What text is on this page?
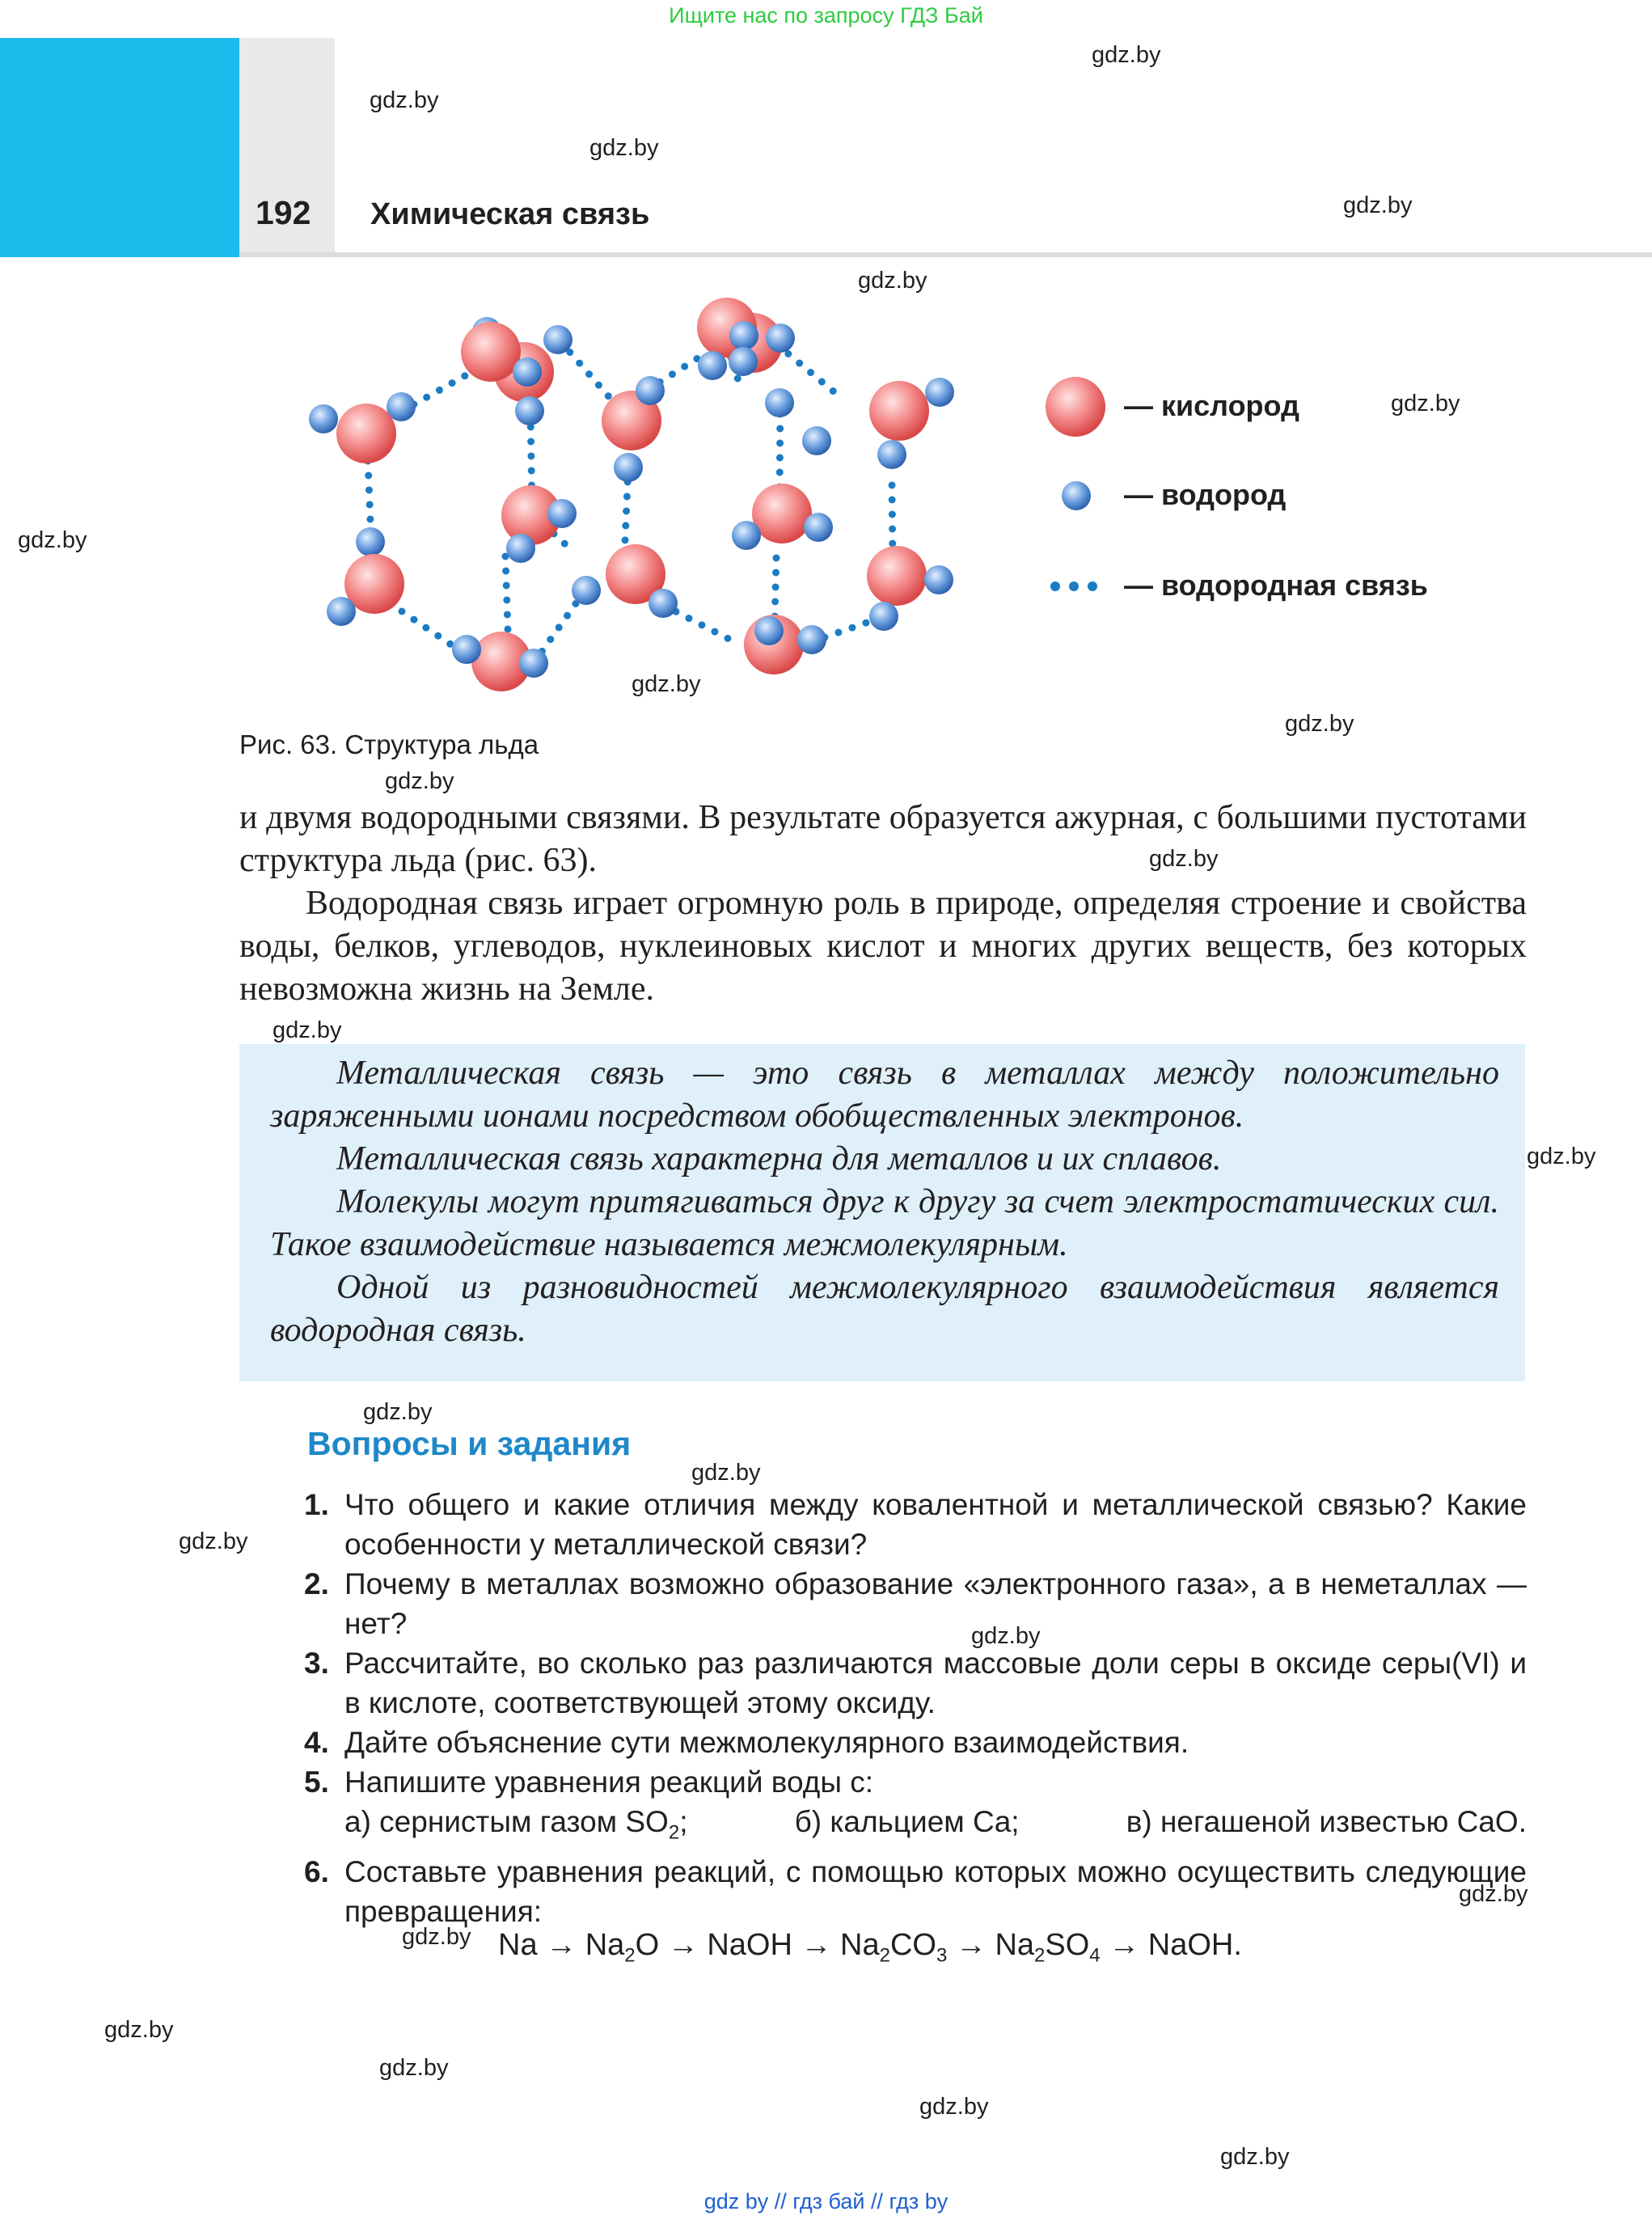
Ищите нас по запросу ГДЗ Бай
192 Химическая связь
gdz.by
gdz.by
gdz.by
gdz.by
gdz.by
gdz.by
gdz.by
gdz.by
gdz.by
gdz.by
gdz.by
gdz.by
gdz.by
gdz.by
gdz.by
gdz.by
gdz.by
gdz.by
gdz.by
gdz.by
gdz.by
gdz.by
gdz.by
— кислород
— водород
— водородная связь
Рис. 63. Структура льда

и двумя водородными связями. В результате образуется ажурная, с большими пустотами структура льда (рис. 63).

Водородная связь играет огромную роль в природе, определяя строение и свойства воды, белков, углеводов, нуклеиновых кислот и многих других веществ, без которых невозможна жизнь на Земле.

Металлическая связь — это связь в металлах между положительно заряженными ионами посредством обобществленных электронов.

Металлическая связь характерна для металлов и их сплавов.

Молекулы могут притягиваться друг к другу за счет электростатических сил. Такое взаимодействие называется межмолекулярным.

Одной из разновидностей межмолекулярного взаимодействия является водородная связь.

Вопросы и задания
1. Что общего и какие отличия между ковалентной и металлической связью? Какие особенности у металлической связи?
2. Почему в металлах возможно образование «электронного газа», а в неметаллах — нет?
3. Рассчитайте, во сколько раз различаются массовые доли серы в оксиде серы(VI) и в кислоте, соответствующей этому оксиду.
4. Дайте объяснение сути межмолекулярного взаимодействия.
5. Напишите уравнения реакций воды с:
а) сернистым газом $SO_2$;	б) кальцием Ca;	в) негашеной известью CaO.
6. Составьте уравнения реакций, с помощью которых можно осуществить следующие превращения:
$Na \to Na_2O$ → NaOH → $Na_2CO_3 \to Na_2SO_4$ → NaOH.
gdz by // гдз бай // гдз by
